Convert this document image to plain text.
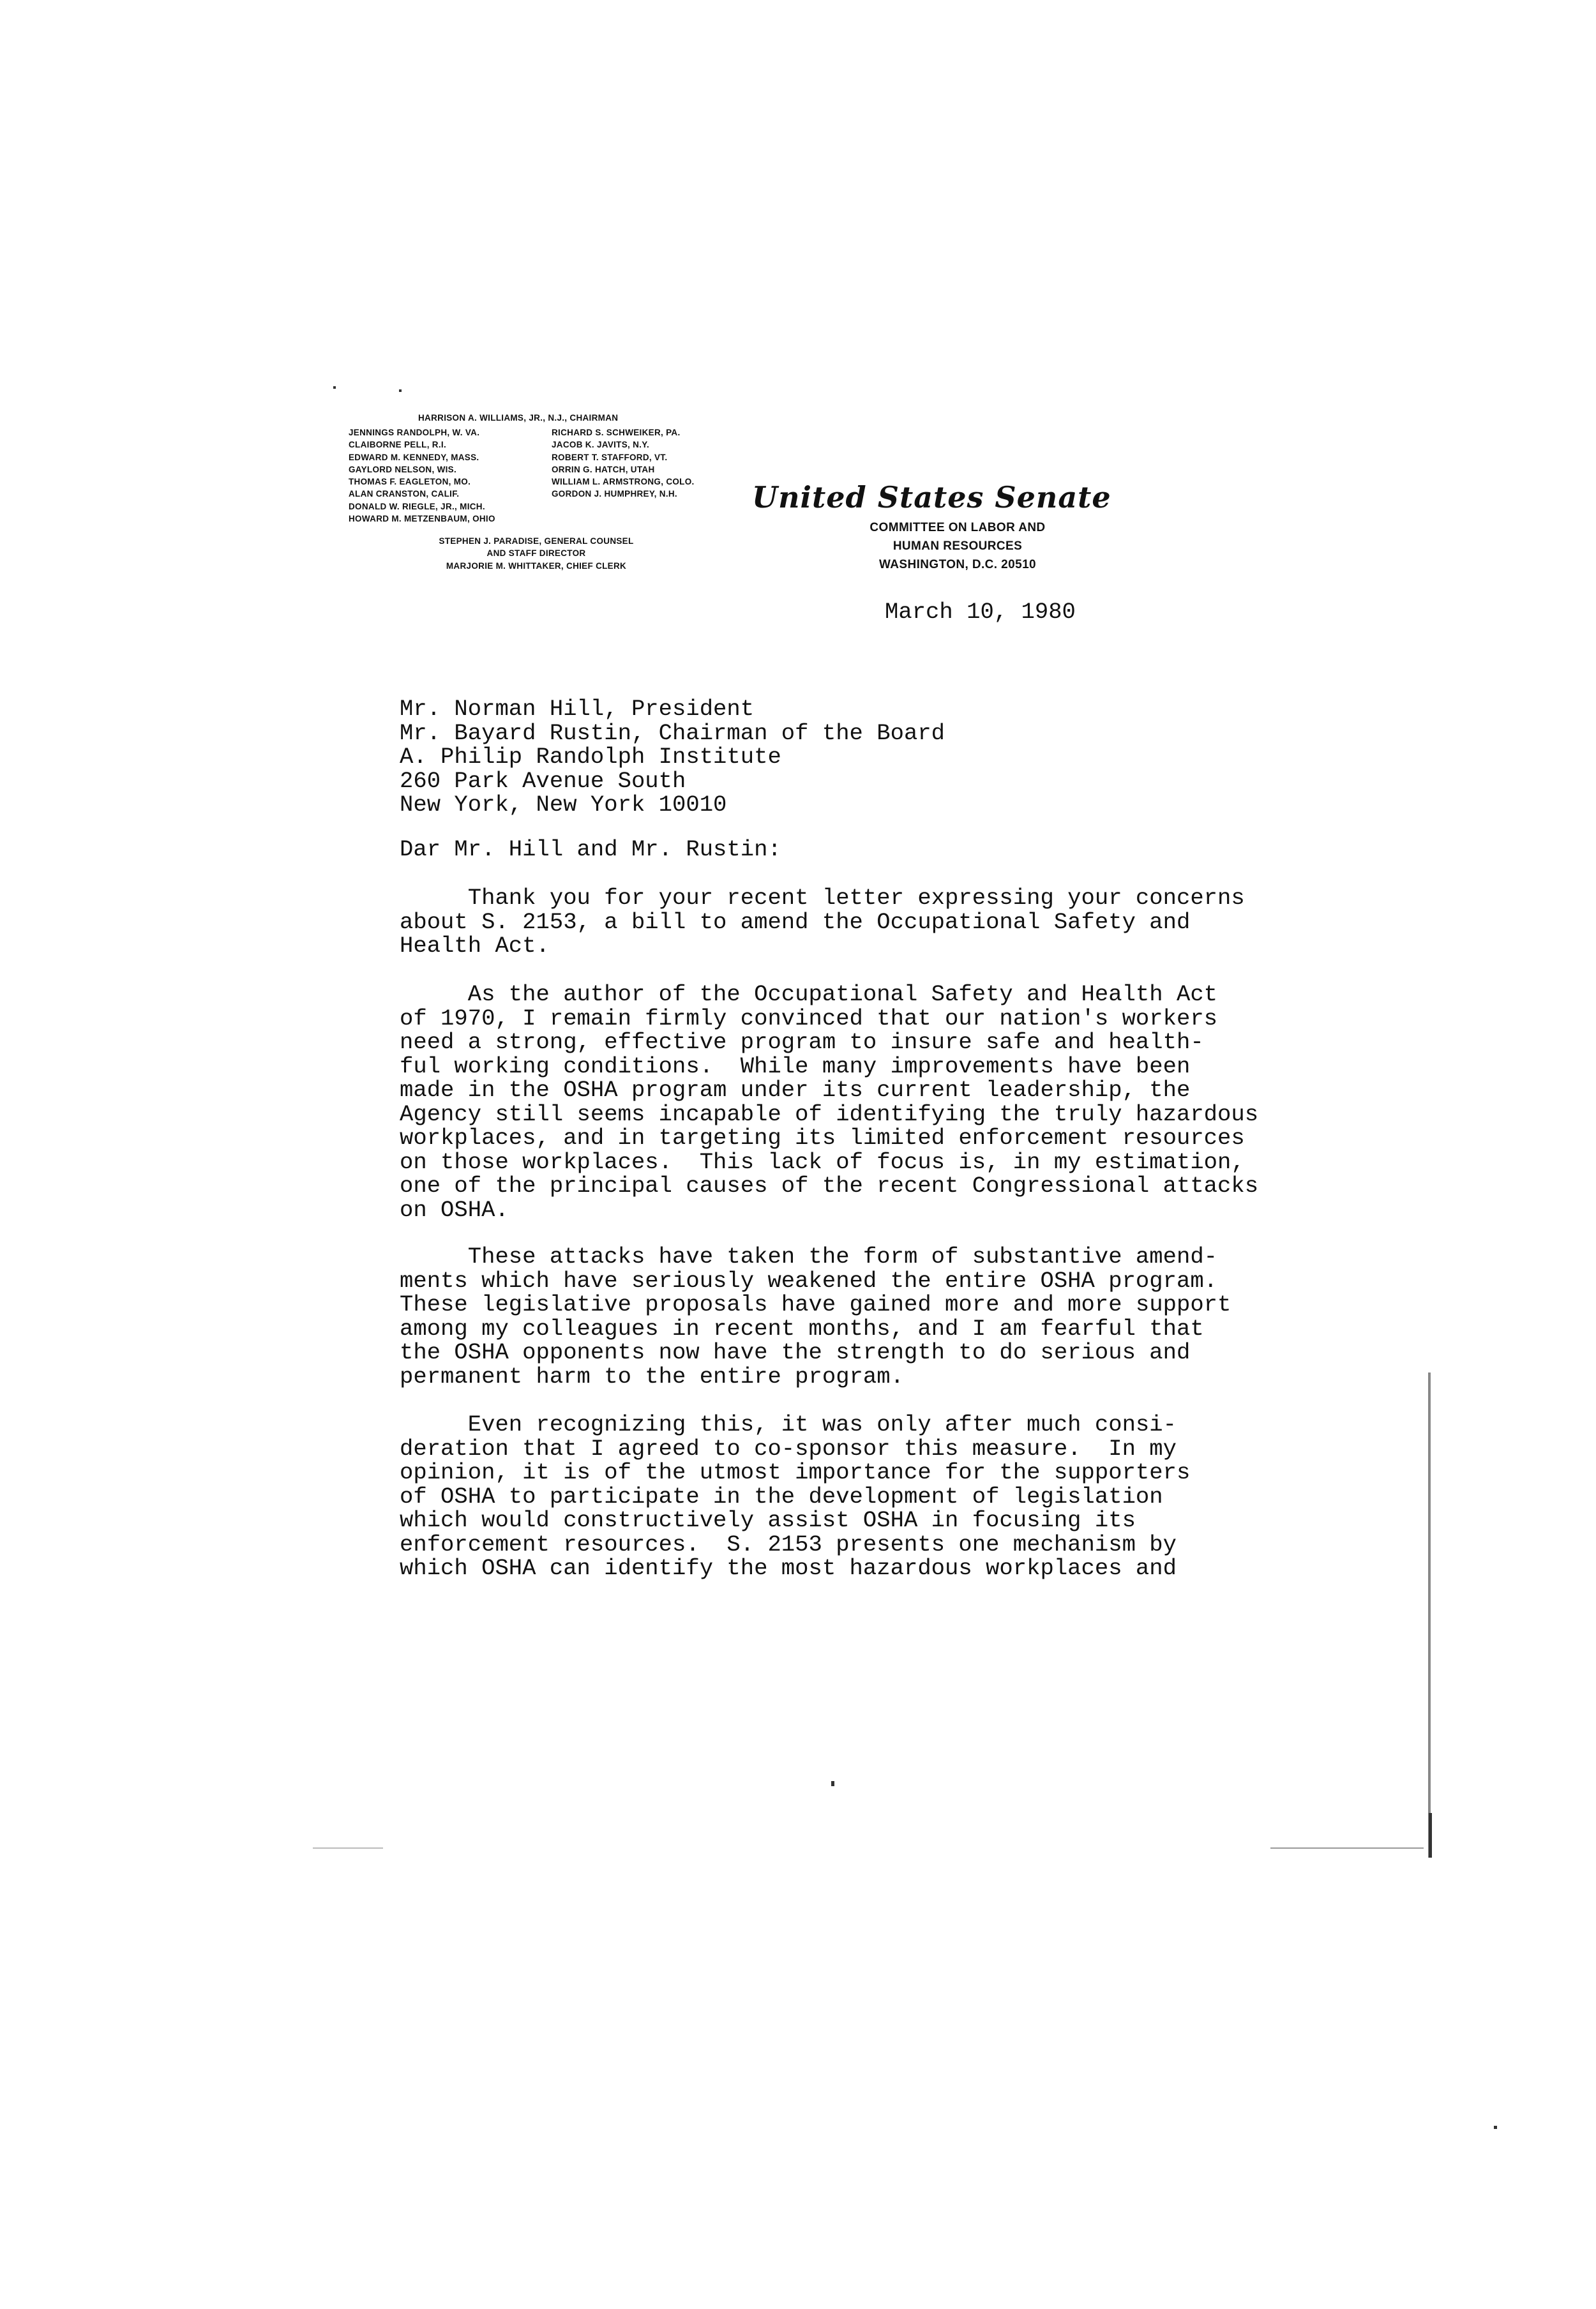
HARRISON A. WILLIAMS, JR., N.J., CHAIRMAN
JENNINGS RANDOLPH, W. VA.
CLAIBORNE PELL, R.I.
EDWARD M. KENNEDY, MASS.
GAYLORD NELSON, WIS.
THOMAS F. EAGLETON, MO.
ALAN CRANSTON, CALIF.
DONALD W. RIEGLE, JR., MICH.
HOWARD M. METZENBAUM, OHIO
RICHARD S. SCHWEIKER, PA.
JACOB K. JAVITS, N.Y.
ROBERT T. STAFFORD, VT.
ORRIN G. HATCH, UTAH
WILLIAM L. ARMSTRONG, COLO.
GORDON J. HUMPHREY, N.H.
STEPHEN J. PARADISE, GENERAL COUNSEL
AND STAFF DIRECTOR
MARJORIE M. WHITTAKER, CHIEF CLERK
United States Senate
COMMITTEE ON LABOR AND
HUMAN RESOURCES
WASHINGTON, D.C. 20510
March 10, 1980
Mr. Norman Hill, President
Mr. Bayard Rustin, Chairman of the Board
A. Philip Randolph Institute
260 Park Avenue South
New York, New York 10010
Dar Mr. Hill and Mr. Rustin:
Thank you for your recent letter expressing your concerns
about S. 2153, a bill to amend the Occupational Safety and
Health Act.
As the author of the Occupational Safety and Health Act
of 1970, I remain firmly convinced that our nation's workers
need a strong, effective program to insure safe and health-
ful working conditions.  While many improvements have been
made in the OSHA program under its current leadership, the
Agency still seems incapable of identifying the truly hazardous
workplaces, and in targeting its limited enforcement resources
on those workplaces.  This lack of focus is, in my estimation,
one of the principal causes of the recent Congressional attacks
on OSHA.
These attacks have taken the form of substantive amend-
ments which have seriously weakened the entire OSHA program.
These legislative proposals have gained more and more support
among my colleagues in recent months, and I am fearful that
the OSHA opponents now have the strength to do serious and
permanent harm to the entire program.
Even recognizing this, it was only after much consi-
deration that I agreed to co-sponsor this measure.  In my
opinion, it is of the utmost importance for the supporters
of OSHA to participate in the development of legislation
which would constructively assist OSHA in focusing its
enforcement resources.  S. 2153 presents one mechanism by
which OSHA can identify the most hazardous workplaces and
